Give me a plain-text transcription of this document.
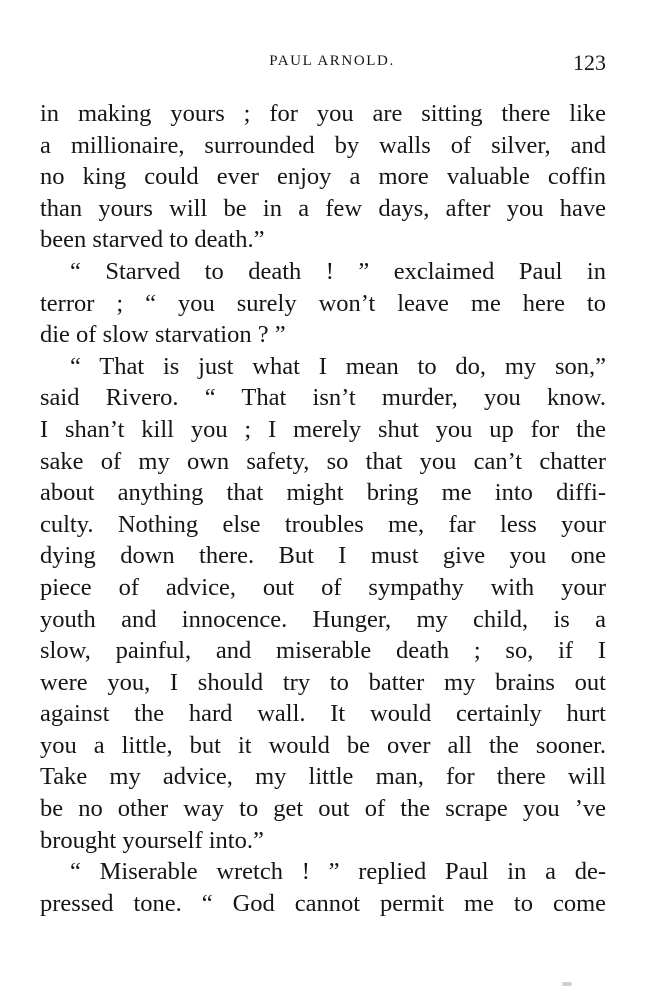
PAUL ARNOLD.	123
in making yours ; for you are sitting there like
a millionaire, surrounded by walls of silver, and
no king could ever enjoy a more valuable coffin
than yours will be in a few days, after you have
been starved to death.”
“ Starved to death ! ” exclaimed Paul in
terror ; “ you surely won’t leave me here to
die of slow starvation ? ”
“ That is just what I mean to do, my son,”
said Rivero. “ That isn’t murder, you know.
I shan’t kill you ; I merely shut you up for the
sake of my own safety, so that you can’t chatter
about anything that might bring me into diffi-
culty. Nothing else troubles me, far less your
dying down there. But I must give you one
piece of advice, out of sympathy with your
youth and innocence. Hunger, my child, is a
slow, painful, and miserable death ; so, if I
were you, I should try to batter my brains out
against the hard wall. It would certainly hurt
you a little, but it would be over all the sooner.
Take my advice, my little man, for there will
be no other way to get out of the scrape you ’ve
brought yourself into.”
“ Miserable wretch ! ” replied Paul in a de-
pressed tone. “ God cannot permit me to come
